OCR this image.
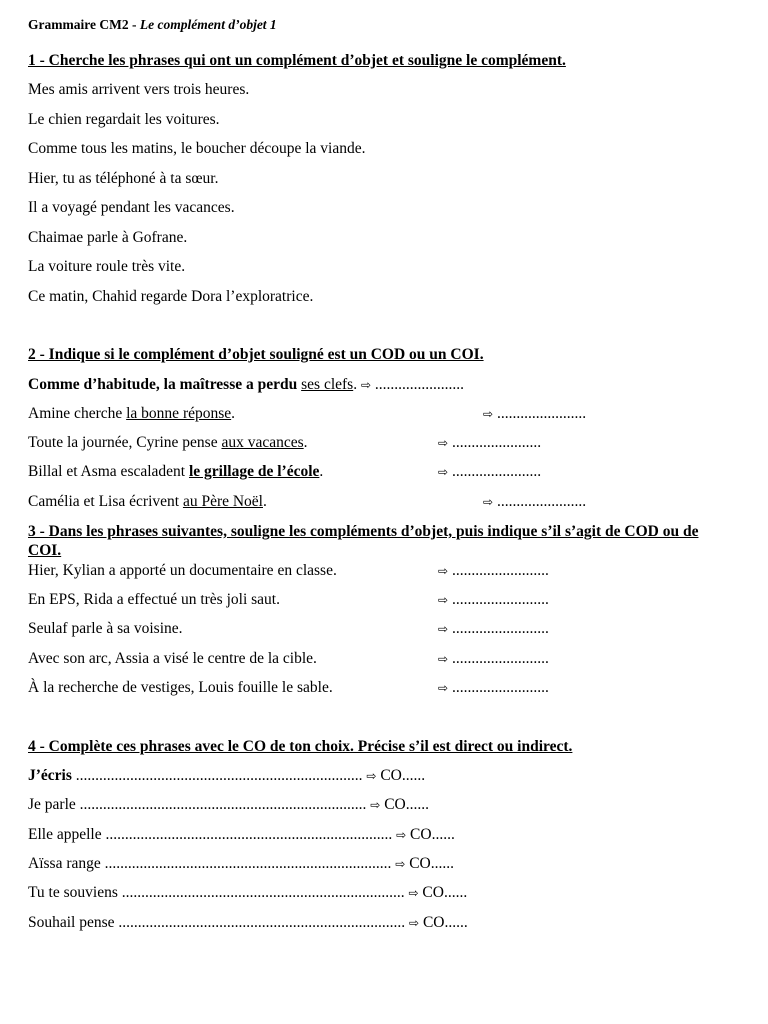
Grammaire CM2 - Le complément d’objet 1
1 - Cherche les phrases qui ont un complément d’objet et souligne le complément.
Mes amis arrivent vers trois heures.
Le chien regardait les voitures.
Comme tous les matins, le boucher découpe la viande.
Hier, tu as téléphoné à ta sœur.
Il a voyagé pendant les vacances.
Chaimae parle à Gofrane.
La voiture roule très vite.
Ce matin, Chahid regarde Dora l’exploratrice.
2 - Indique si le complément d’objet souligné est un COD ou un COI.
Comme d’habitude, la maîtresse a perdu ses clefs. ⇨ .......................
Amine cherche la bonne réponse.	⇨ .......................
Toute la journée, Cyrine pense aux vacances.	⇨ .......................
Billal et Asma escaladent le grillage de l’école.	⇨ .......................
Camélia et Lisa écrivent au Père Noël.	⇨ .......................
3 - Dans les phrases suivantes, souligne les compléments d’objet, puis indique s’il s’agit de COD ou de COI.
Hier, Kylian a apporté un documentaire en classe.	⇨ .........................
En EPS, Rida a effectué un très joli saut.	⇨ .........................
Seulaf parle à sa voisine.	⇨ .........................
Avec son arc, Assia a visé le centre de la cible.	⇨ .........................
À la recherche de vestiges, Louis fouille le sable.	⇨ .........................
4 - Complète ces phrases avec le CO de ton choix. Précise s’il est direct ou indirect.
J’écris .......................................................................... ⇨ CO......
Je parle .......................................................................... ⇨ CO......
Elle appelle .......................................................................... ⇨ CO......
Aïssa range .......................................................................... ⇨ CO......
Tu te souviens ......................................................................... ⇨ CO......
Souhail pense .......................................................................... ⇨ CO......
